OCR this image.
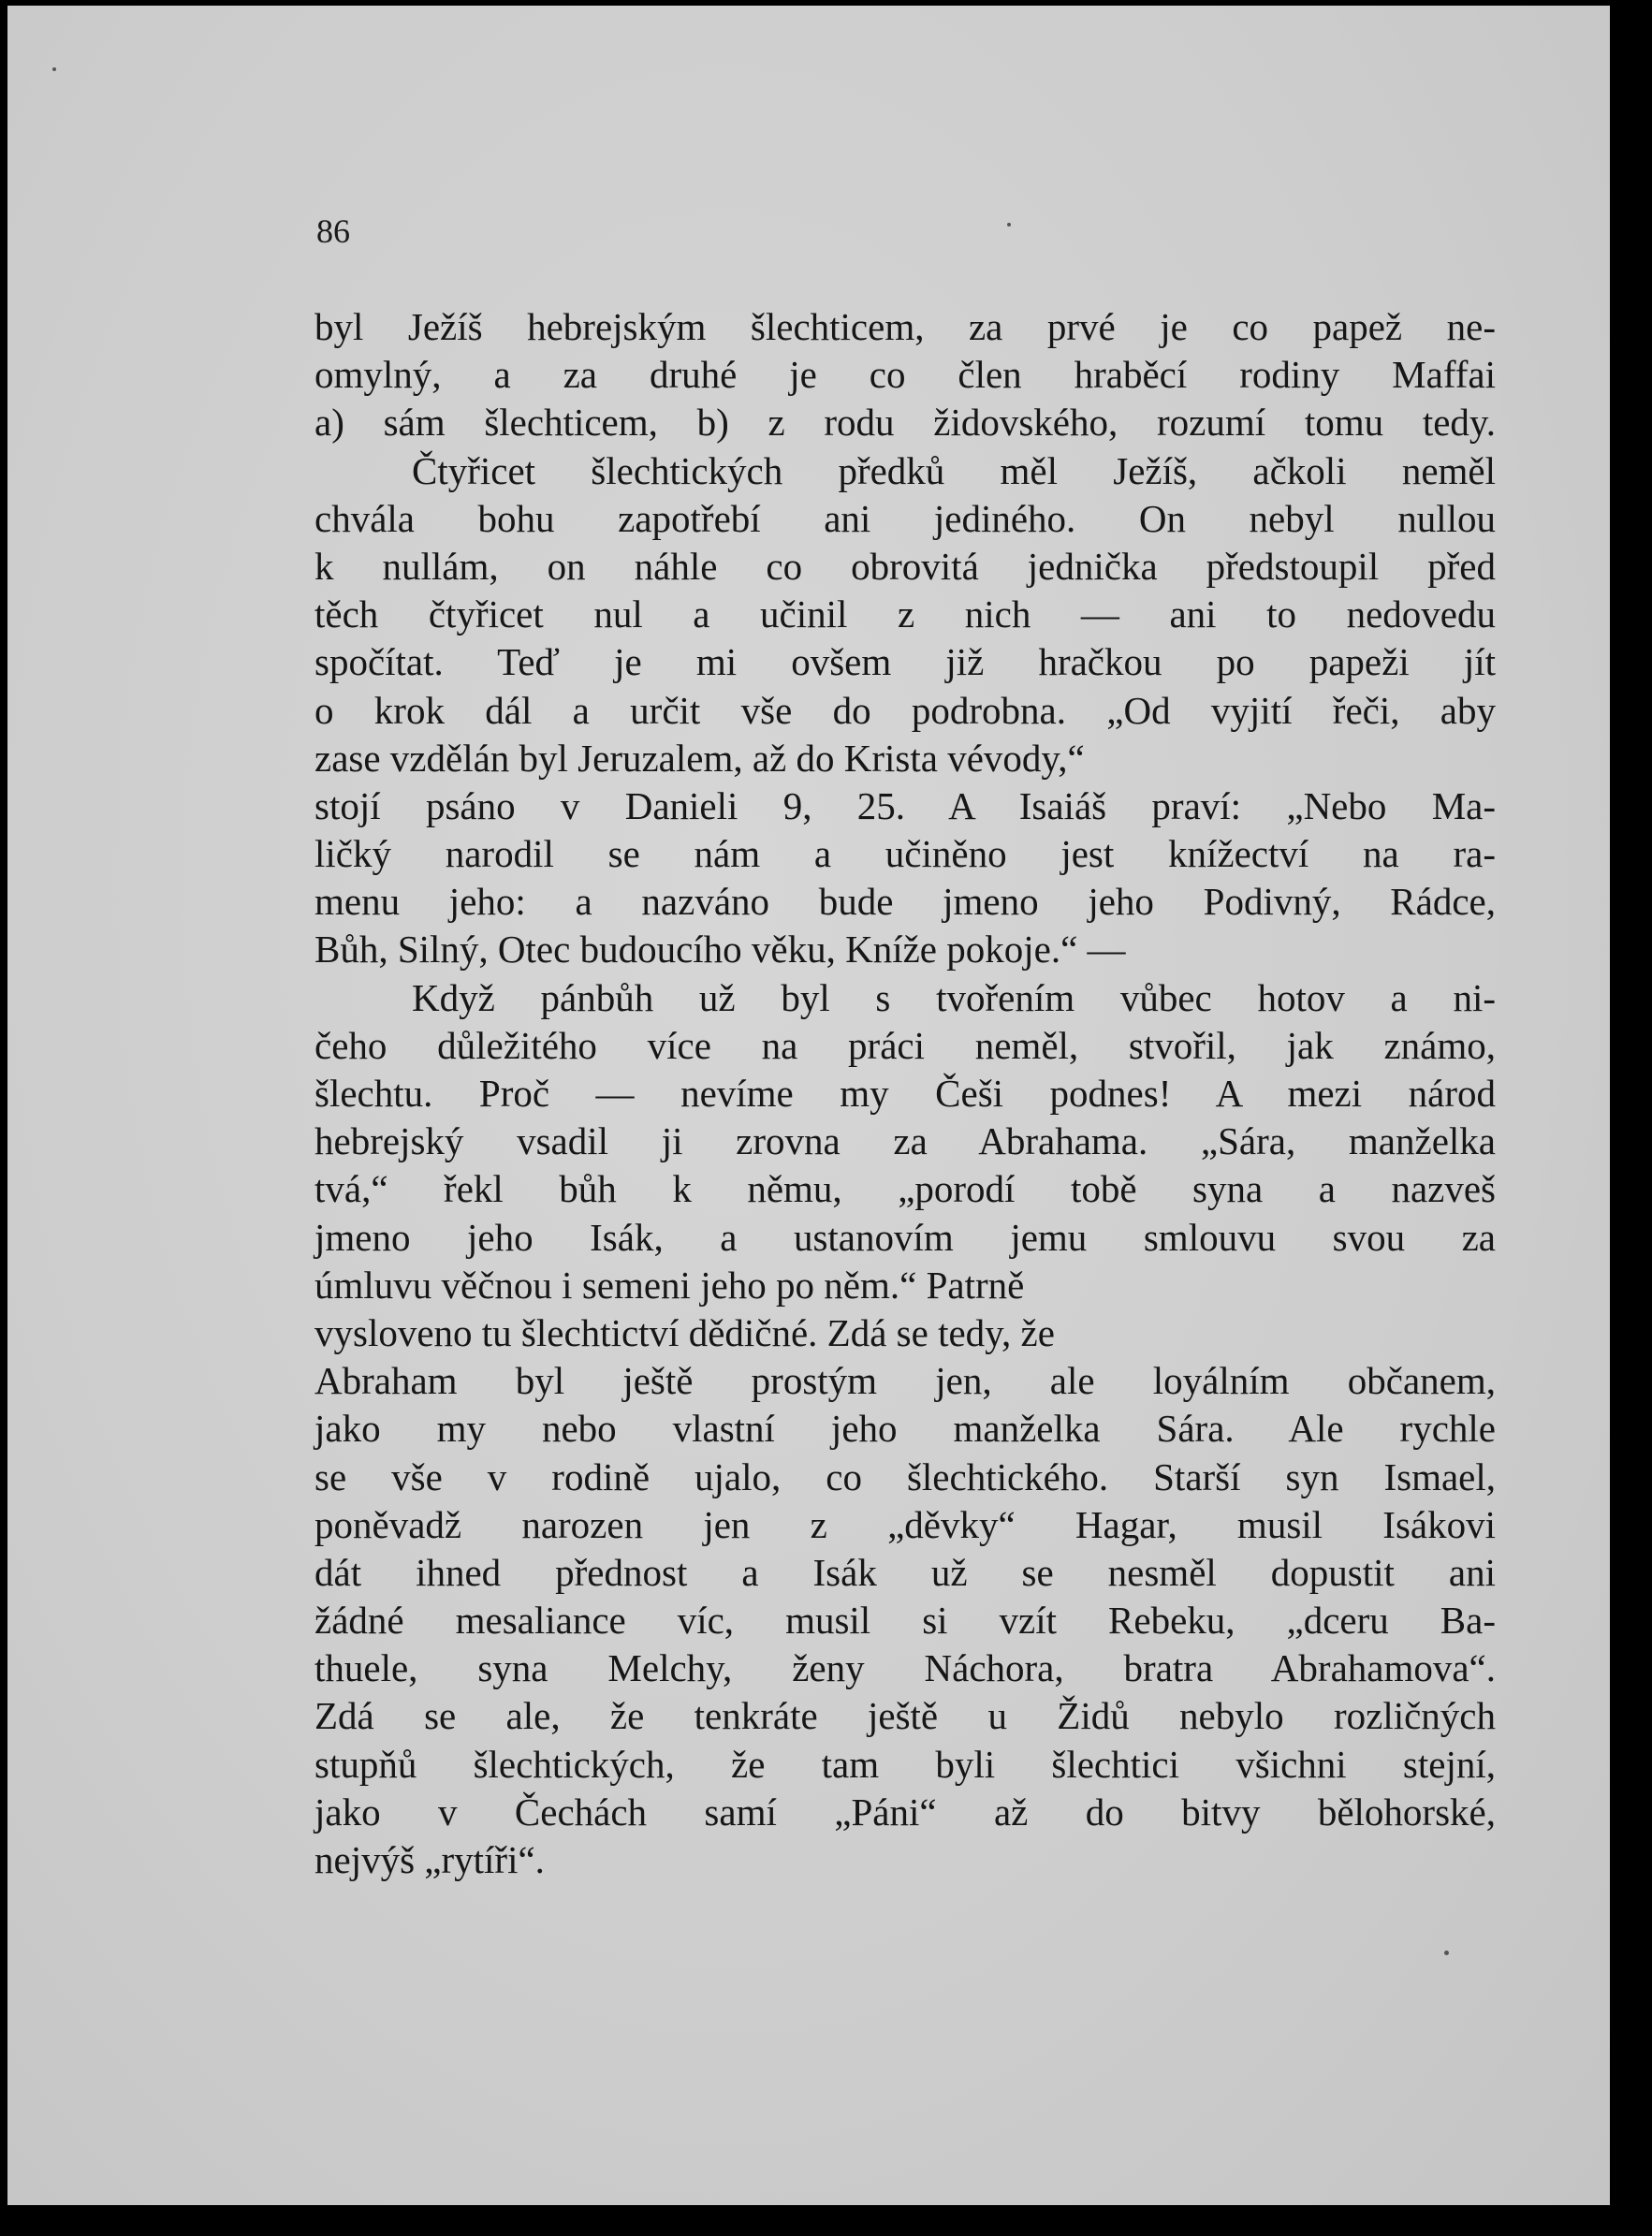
86

byl Ježíš hebrejským šlechticem, za prvé je co papež ne-
omylný, a za druhé je co člen hraběcí rodiny Maffai
a) sám šlechticem, b) z rodu židovského, rozumí tomu tedy.
Čtyřicet šlechtických předků měl Ježíš, ačkoli neměl
chvála bohu zapotřebí ani jediného. On nebyl nullou
k nullám, on náhle co obrovitá jednička předstoupil před
těch čtyřicet nul a učinil z nich — ani to nedovedu
spočítat. Teď je mi ovšem již hračkou po papeži jít
o krok dál a určit vše do podrobna. „Od vyjití řeči, aby
zase vzdělán byl Jeruzalem, až do Krista vévody,“
stojí psáno v Danieli 9, 25. A Isaiáš praví: „Nebo Ma-
ličký narodil se nám a učiněno jest knížectví na ra-
menu jeho: a nazváno bude jmeno jeho Podivný, Rádce,
Bůh, Silný, Otec budoucího věku, Kníže pokoje.“ —
Když pánbůh už byl s tvořením vůbec hotov a ni-
čeho důležitého více na práci neměl, stvořil, jak známo,
šlechtu. Proč — nevíme my Češi podnes! A mezi národ
hebrejský vsadil ji zrovna za Abrahama. „Sára, manželka
tvá,“ řekl bůh k němu, „porodí tobě syna a nazveš
jmeno jeho Isák, a ustanovím jemu smlouvu svou za
úmluvu věčnou i semeni jeho po něm.“ Patrně
vysloveno tu šlechtictví dědičné. Zdá se tedy, že
Abraham byl ještě prostým jen, ale loyálním občanem,
jako my nebo vlastní jeho manželka Sára. Ale rychle
se vše v rodině ujalo, co šlechtického. Starší syn Ismael,
poněvadž narozen jen z „děvky“ Hagar, musil Isákovi
dát ihned přednost a Isák už se nesměl dopustit ani
žádné mesaliance víc, musil si vzít Rebeku, „dceru Ba-
thuele, syna Melchy, ženy Náchora, bratra Abrahamova“.
Zdá se ale, že tenkráte ještě u Židů nebylo rozličných
stupňů šlechtických, že tam byli šlechtici všichni stejní,
jako v Čechách samí „Páni“ až do bitvy bělohorské,
nejvýš „rytíři“.
